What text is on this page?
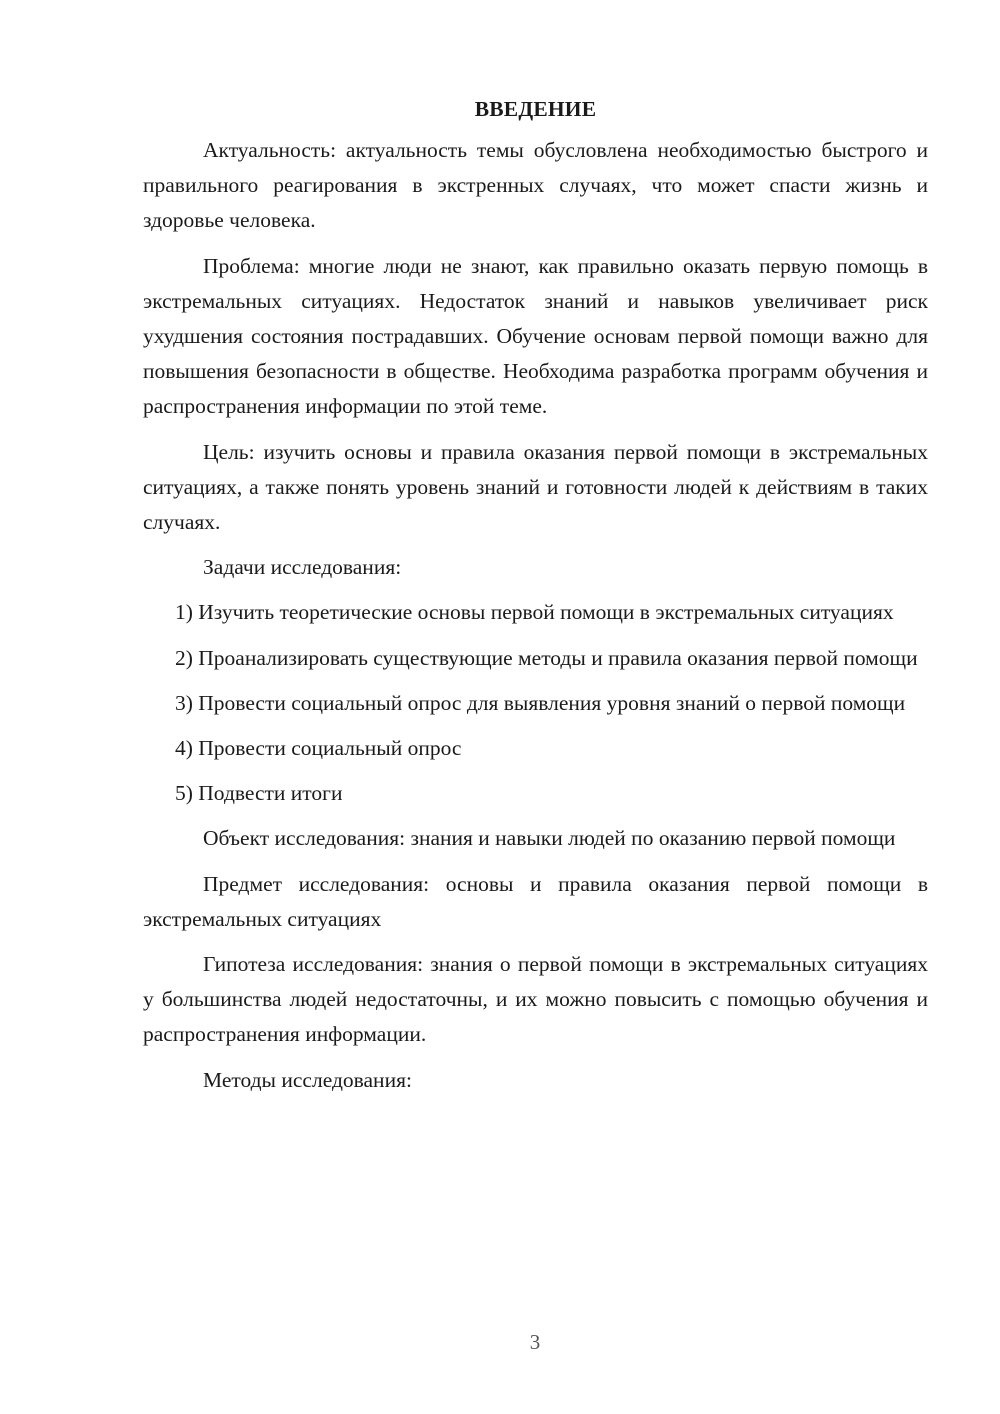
ВВЕДЕНИЕ

Актуальность: актуальность темы обусловлена необходимостью быстрого и правильного реагирования в экстренных случаях, что может спасти жизнь и здоровье человека.

Проблема: многие люди не знают, как правильно оказать первую помощь в экстремальных ситуациях. Недостаток знаний и навыков увеличивает риск ухудшения состояния пострадавших. Обучение основам первой помощи важно для повышения безопасности в обществе. Необходима разработка программ обучения и распространения информации по этой теме.

Цель: изучить основы и правила оказания первой помощи в экстремальных ситуациях, а также понять уровень знаний и готовности людей к действиям в таких случаях.

Задачи исследования:

1) Изучить теоретические основы первой помощи в экстремальных ситуациях

2) Проанализировать существующие методы и правила оказания первой помощи

3) Провести социальный опрос для выявления уровня знаний о первой помощи

4) Провести социальный опрос

5) Подвести итоги

Объект исследования: знания и навыки людей по оказанию первой помощи

Предмет исследования: основы и правила оказания первой помощи в экстремальных ситуациях

Гипотеза исследования: знания о первой помощи в экстремальных ситуациях у большинства людей недостаточны, и их можно повысить с помощью обучения и распространения информации.

Методы исследования:

3
